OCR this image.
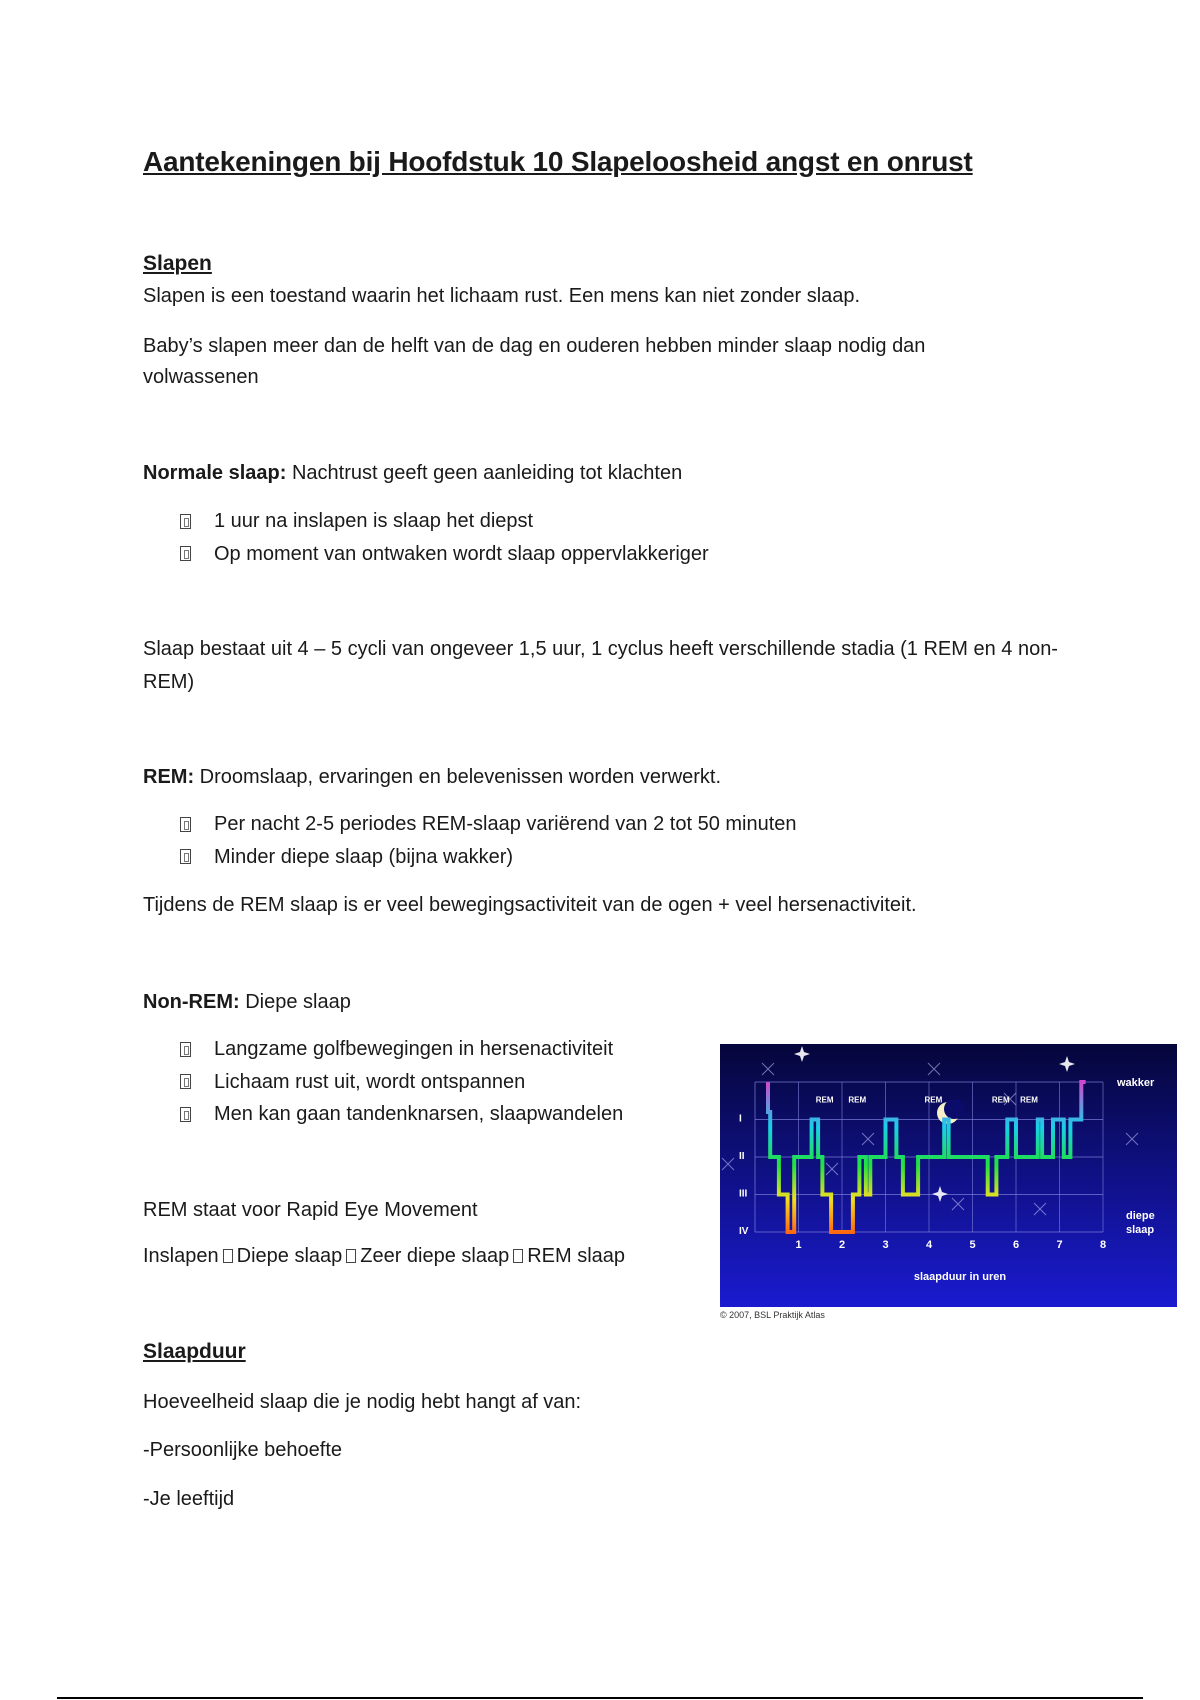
Aantekeningen bij Hoofdstuk 10 Slapeloosheid angst en onrust
Slapen
Slapen is een toestand waarin het lichaam rust. Een mens kan niet zonder slaap.
Baby’s slapen meer dan de helft van de dag en ouderen hebben minder slaap nodig dan volwassenen
Normale slaap: Nachtrust geeft geen aanleiding tot klachten
1 uur na inslapen is slaap het diepst
Op moment van ontwaken wordt slaap oppervlakkeriger
Slaap bestaat uit 4 – 5 cycli van ongeveer 1,5 uur, 1 cyclus heeft verschillende stadia (1 REM en 4 non-REM)
REM: Droomslaap, ervaringen en belevenissen worden verwerkt.
Per nacht 2-5 periodes REM-slaap variërend van 2 tot 50 minuten
Minder diepe slaap (bijna wakker)
Tijdens de REM slaap is er veel bewegingsactiviteit van de ogen + veel hersenactiviteit.
Non-REM: Diepe slaap
Langzame golfbewegingen in hersenactiviteit
Lichaam rust uit, wordt ontspannen
Men kan gaan tandenknarsen, slaapwandelen
REM staat voor Rapid Eye Movement
Inslapen Diepe slaap Zeer diepe slaap REM slaap
Slaapduur
Hoeveelheid slaap die je nodig hebt hangt af van:
-Persoonlijke behoefte
-Je leeftijd
I
II
III
IV
1	2	3	4	5	6	7	8
REM REM	REM	REM REM
wakker
diepe slaap
slaapduur in uren
© 2007, BSL Praktijk Atlas
